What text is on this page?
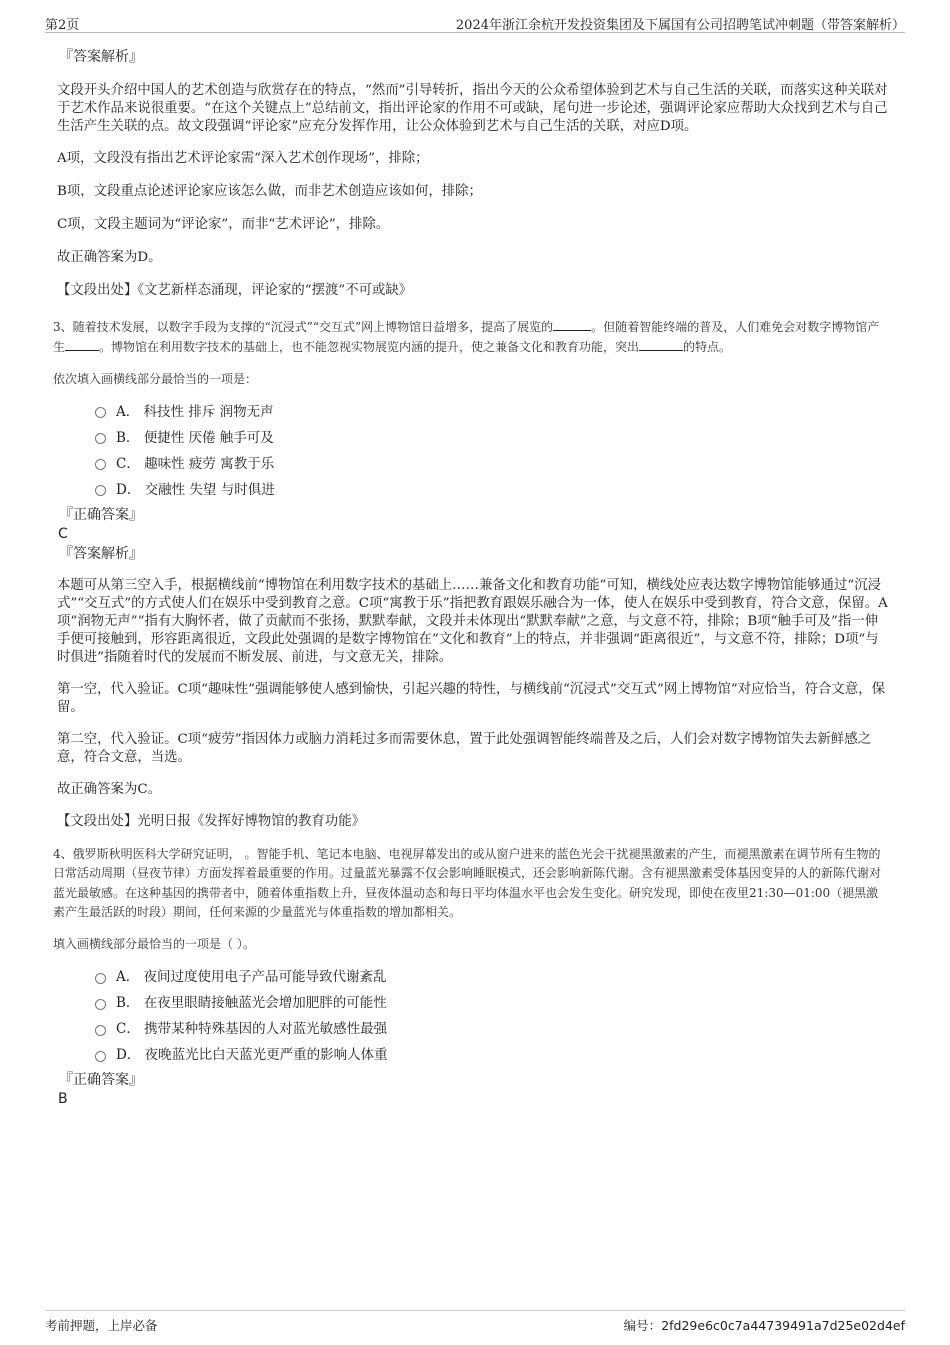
第2页	2024年浙江余杭开发投资集团及下属国有公司招聘笔试冲刺题（带答案解析）
『答案解析』

文段开头介绍中国人的艺术创造与欣赏存在的特点，“然而”引导转折，指出今天的公众希望体验到艺术与自己生活的关联，而落实这种关联对于艺术作品来说很重要。“在这个关键点上”总结前文，指出评论家的作用不可或缺，尾句进一步论述，强调评论家应帮助大众找到艺术与自己生活产生关联的点。故文段强调“评论家”应充分发挥作用，让公众体验到艺术与自己生活的关联，对应D项。

A项，文段没有指出艺术评论家需“深入艺术创作现场”，排除；

B项，文段重点论述评论家应该怎么做，而非艺术创造应该如何，排除；

C项，文段主题词为“评论家”，而非“艺术评论”，排除。

故正确答案为D。

【文段出处】《文艺新样态涌现，评论家的“摆渡”不可或缺》

3、随着技术发展，以数字手段为支撑的“沉浸式”“交互式”网上博物馆日益增多，提高了展览的	。但随着智能终端的普及，人们难免会对数字博物馆产生	。博物馆在利用数字技术的基础上，也不能忽视实物展览内涵的提升，使之兼备文化和教育功能，突出	的特点。

依次填入画横线部分最恰当的一项是：

A． 科技性 排斥 润物无声
B． 便捷性 厌倦 触手可及
C． 趣味性 疲劳 寓教于乐
D． 交融性 失望 与时俱进
『正确答案』
C
『答案解析』

本题可从第三空入手，根据横线前“博物馆在利用数字技术的基础上……兼备文化和教育功能”可知，横线处应表达数字博物馆能够通过“沉浸式”“交互式”的方式使人们在娱乐中受到教育之意。C项“寓教于乐”指把教育跟娱乐融合为一体，使人在娱乐中受到教育，符合文意，保留。A项“润物无声”“指有大胸怀者，做了贡献而不张扬，默默奉献，文段并未体现出“默默奉献”之意，与文意不符，排除；B项“触手可及”指一伸手便可接触到，形容距离很近，文段此处强调的是数字博物馆在“文化和教育”上的特点，并非强调“距离很近”，与文意不符，排除；D项“与时俱进”指随着时代的发展而不断发展、前进，与文意无关，排除。

第一空，代入验证。C项“趣味性”强调能够使人感到愉快，引起兴趣的特性，与横线前“沉浸式”交互式”网上博物馆”对应恰当，符合文意，保留。

第二空，代入验证。C项“疲劳”指因体力或脑力消耗过多而需要休息，置于此处强调智能终端普及之后，人们会对数字博物馆失去新鲜感之意，符合文意，当选。

故正确答案为C。

【文段出处】光明日报《发挥好博物馆的教育功能》

4、俄罗斯秋明医科大学研究证明， 。智能手机、笔记本电脑、电视屏幕发出的或从窗户进来的蓝色光会干扰褪黑激素的产生，而褪黑激素在调节所有生物的日常活动周期（昼夜节律）方面发挥着最重要的作用。过量蓝光暴露不仅会影响睡眠模式，还会影响新陈代谢。含有褪黑激素受体基因变异的人的新陈代谢对蓝光最敏感。在这种基因的携带者中，随着体重指数上升，昼夜体温动态和每日平均体温水平也会发生变化。研究发现，即使在夜里21:30—01:00（褪黑激素产生最活跃的时段）期间，任何来源的少量蓝光与体重指数的增加都相关。

填入画横线部分最恰当的一项是（ ）。

A． 夜间过度使用电子产品可能导致代谢紊乱
B． 在夜里眼睛接触蓝光会增加肥胖的可能性
C． 携带某种特殊基因的人对蓝光敏感性最强
D． 夜晚蓝光比白天蓝光更严重的影响人体重
『正确答案』
B
考前押题，上岸必备	编号：2fd29e6c0c7a44739491a7d25e02d4ef
